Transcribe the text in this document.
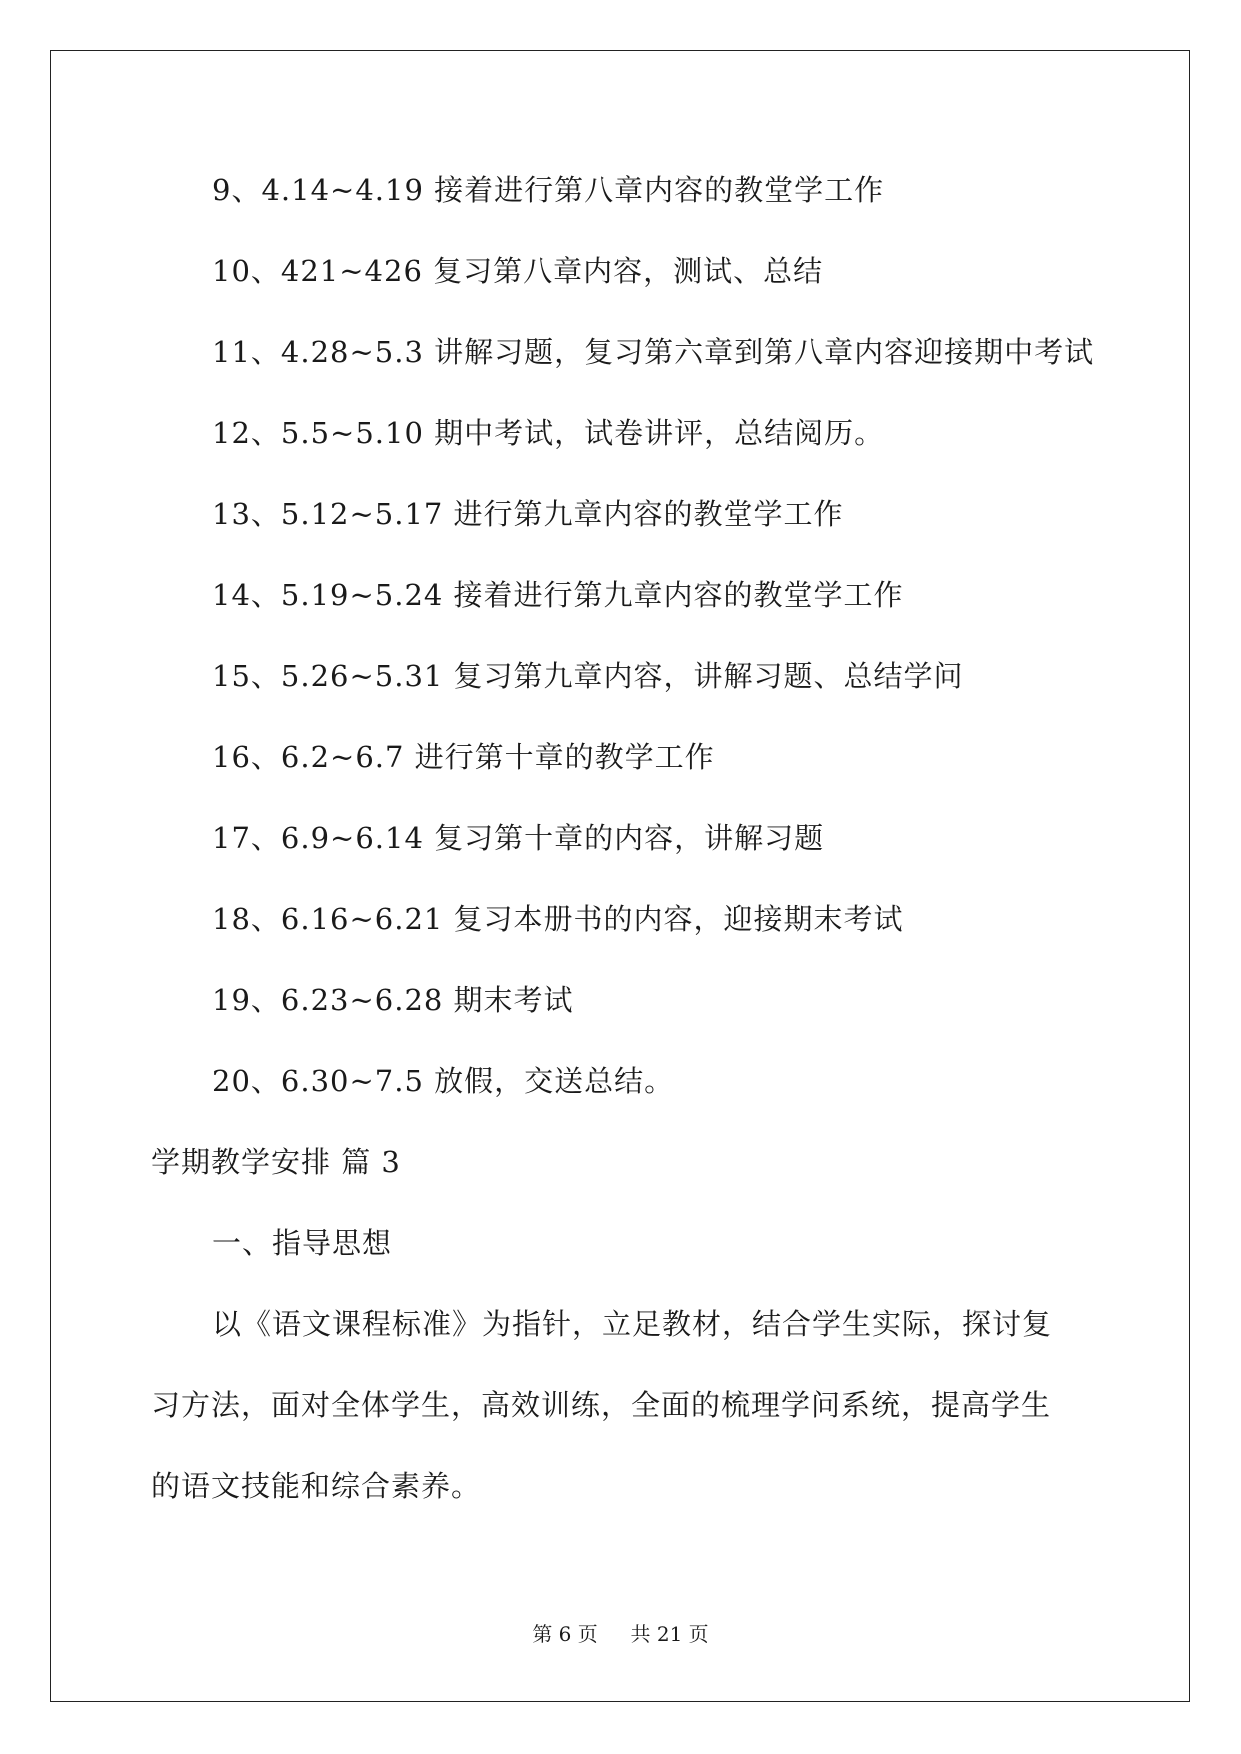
9、4.14~4.19 接着进行第八章内容的教堂学工作
10、421~426 复习第八章内容，测试、总结
11、4.28~5.3 讲解习题，复习第六章到第八章内容迎接期中考试
12、5.5~5.10 期中考试，试卷讲评，总结阅历。
13、5.12~5.17 进行第九章内容的教堂学工作
14、5.19~5.24 接着进行第九章内容的教堂学工作
15、5.26~5.31 复习第九章内容，讲解习题、总结学问
16、6.2~6.7 进行第十章的教学工作
17、6.9~6.14 复习第十章的内容，讲解习题
18、6.16~6.21 复习本册书的内容，迎接期末考试
19、6.23~6.28 期末考试
20、6.30~7.5 放假，交送总结。
学期教学安排 篇 3
一、指导思想
以《语文课程标准》为指针，立足教材，结合学生实际，探讨复
习方法，面对全体学生，高效训练，全面的梳理学问系统，提高学生
的语文技能和综合素养。
第 6 页 共 21 页
